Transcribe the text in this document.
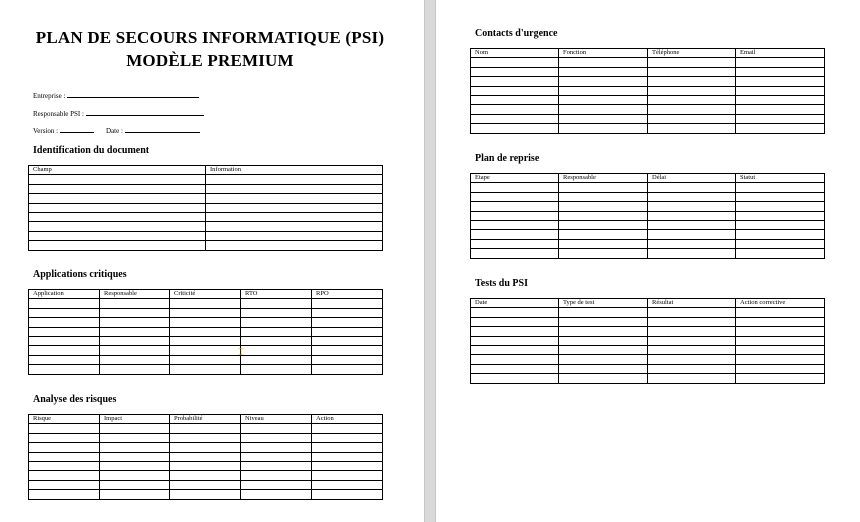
PLAN DE SECOURS INFORMATIQUE (PSI)
MODÈLE PREMIUM
Entreprise :
Responsable PSI :
Version :	Date :
Identification du document
Champ	Information

Applications critiques
Application	Responsable	Criticité	RTO	RPO

Analyse des risques
Risque	Impact	Probabilité	Niveau	Action

⌶
Contacts d'urgence
Nom	Fonction	Téléphone	Email

Plan de reprise
Etape	Responsable	Délai	Statut

Tests du PSI
Date	Type de test	Résultat	Action corrective
